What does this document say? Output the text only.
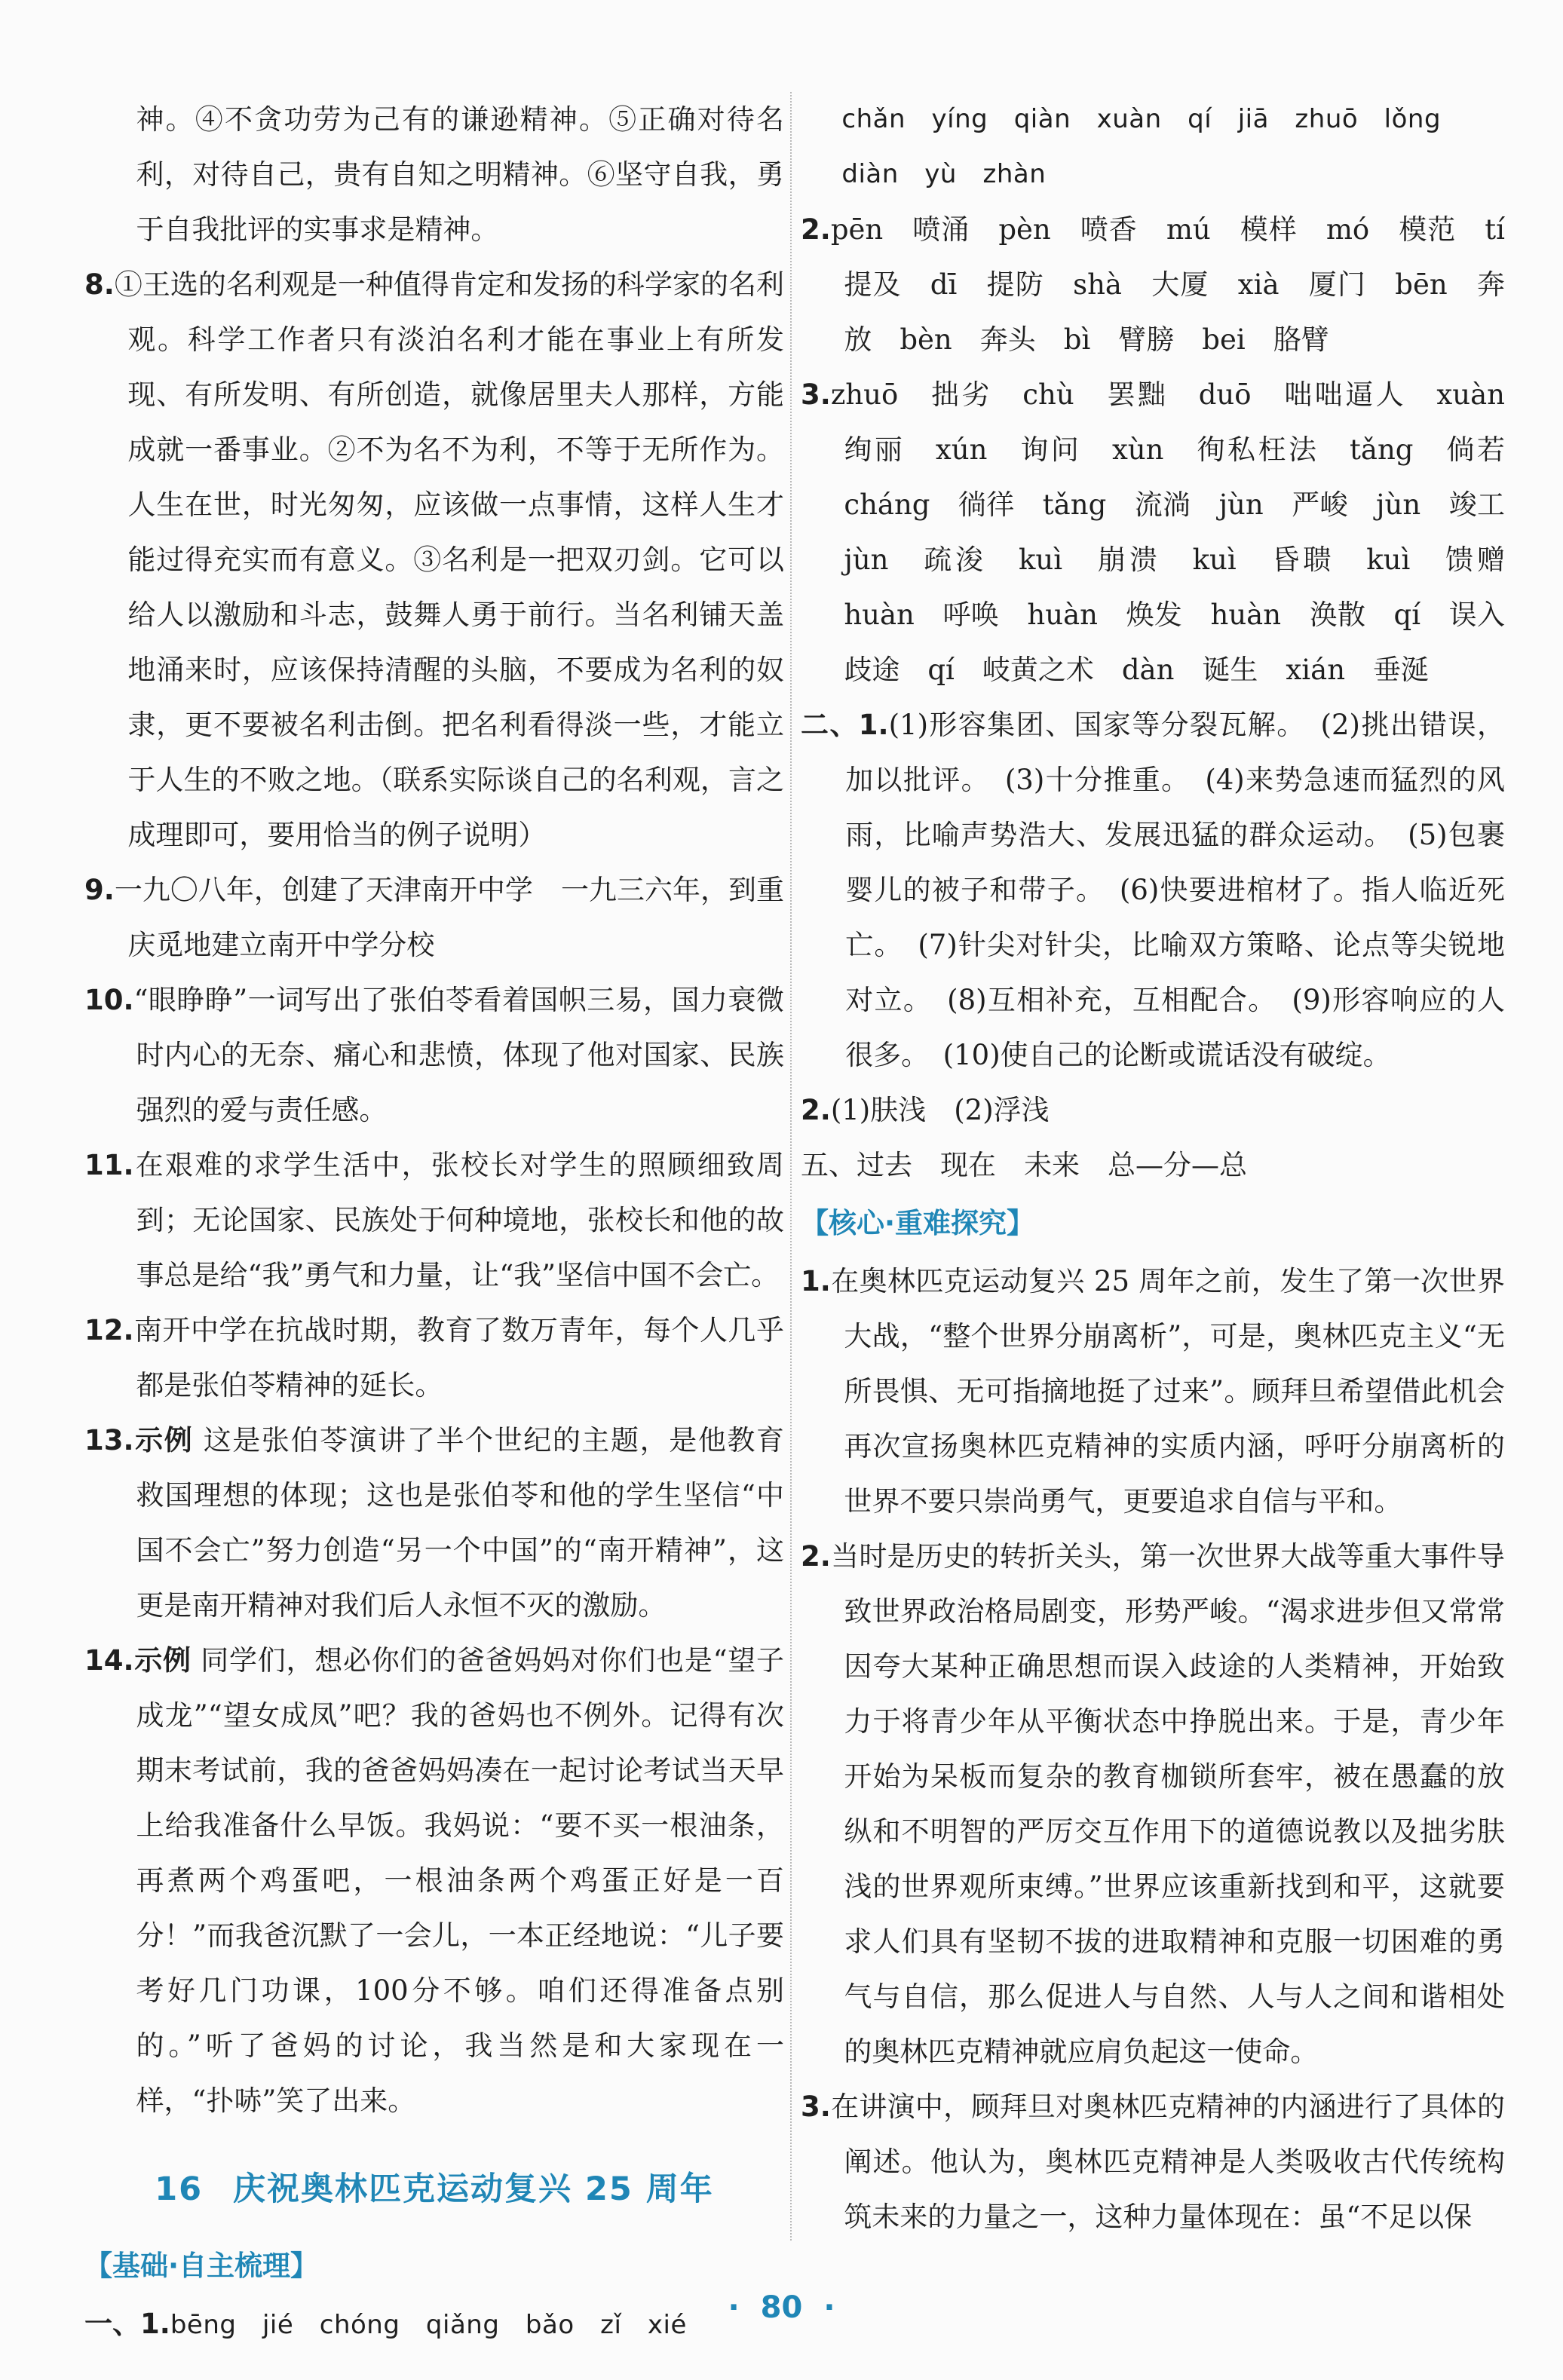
神。④不贪功劳为己有的谦逊精神。⑤正确对待名利，对待自己，贵有自知之明精神。⑥坚守自我，勇于自我批评的实事求是精神。

8.①王选的名利观是一种值得肯定和发扬的科学家的名利观。科学工作者只有淡泊名利才能在事业上有所发现、有所发明、有所创造，就像居里夫人那样，方能成就一番事业。②不为名不为利，不等于无所作为。人生在世，时光匆匆，应该做一点事情，这样人生才能过得充实而有意义。③名利是一把双刃剑。它可以给人以激励和斗志，鼓舞人勇于前行。当名利铺天盖地涌来时，应该保持清醒的头脑，不要成为名利的奴隶，更不要被名利击倒。把名利看得淡一些，才能立于人生的不败之地。（联系实际谈自己的名利观，言之成理即可，要用恰当的例子说明）

9.一九〇八年，创建了天津南开中学　一九三六年，到重庆觅地建立南开中学分校

10.“眼睁睁”一词写出了张伯苓看着国帜三易，国力衰微时内心的无奈、痛心和悲愤，体现了他对国家、民族强烈的爱与责任感。

11.在艰难的求学生活中，张校长对学生的照顾细致周到；无论国家、民族处于何种境地，张校长和他的故事总是给“我”勇气和力量，让“我”坚信中国不会亡。

12.南开中学在抗战时期，教育了数万青年，每个人几乎都是张伯苓精神的延长。

13.示例 这是张伯苓演讲了半个世纪的主题，是他教育救国理想的体现；这也是张伯苓和他的学生坚信“中国不会亡”努力创造“另一个中国”的“南开精神”，这更是南开精神对我们后人永恒不灭的激励。

14.示例 同学们，想必你们的爸爸妈妈对你们也是“望子成龙”“望女成凤”吧？我的爸妈也不例外。记得有次期末考试前，我的爸爸妈妈凑在一起讨论考试当天早上给我准备什么早饭。我妈说：“要不买一根油条，再煮两个鸡蛋吧，一根油条两个鸡蛋正好是一百分！”而我爸沉默了一会儿，一本正经地说：“儿子要考好几门功课，100分不够。咱们还得准备点别的。”听了爸妈的讨论，我当然是和大家现在一样，“扑哧”笑了出来。

16 庆祝奥林匹克运动复兴 25 周年
【基础·自主梳理】

一、1.bēng　jié　chóng　qiǎng　bǎo　zǐ　xié

chǎn　yíng　qiàn　xuàn　qí　jiā　zhuō　lǒng

diàn　yù　zhàn

2.pēn　喷涌　pèn　喷香　mú　模样　mó　模范　tí　提及　dī　提防　shà　大厦　xià　厦门　bēn　奔放　bèn　奔头　bì　臂膀　bei　胳臂

3.zhuō　拙劣　chù　罢黜　duō　咄咄逼人　xuàn　绚丽　xún　询问　xùn　徇私枉法　tǎng　倘若　cháng　徜徉　tǎng　流淌　jùn　严峻　jùn　竣工　jùn　疏浚　kuì　崩溃　kuì　昏聩　kuì　馈赠　huàn　呼唤　huàn　焕发　huàn　涣散　qí　误入歧途　qí　岐黄之术　dàn　诞生　xián　垂涎

二、1.(1)形容集团、国家等分裂瓦解。　(2)挑出错误，加以批评。　(3)十分推重。　(4)来势急速而猛烈的风雨，比喻声势浩大、发展迅猛的群众运动。　(5)包裹婴儿的被子和带子。　(6)快要进棺材了。指人临近死亡。　(7)针尖对针尖，比喻双方策略、论点等尖锐地对立。　(8)互相补充，互相配合。　(9)形容响应的人很多。　(10)使自己的论断或谎话没有破绽。

2.(1)肤浅　(2)浮浅

五、过去　现在　未来　总—分—总

【核心·重难探究】

1.在奥林匹克运动复兴 25 周年之前，发生了第一次世界大战，“整个世界分崩离析”，可是，奥林匹克主义“无所畏惧、无可指摘地挺了过来”。顾拜旦希望借此机会再次宣扬奥林匹克精神的实质内涵，呼吁分崩离析的世界不要只崇尚勇气，更要追求自信与平和。

2.当时是历史的转折关头，第一次世界大战等重大事件导致世界政治格局剧变，形势严峻。“渴求进步但又常常因夸大某种正确思想而误入歧途的人类精神，开始致力于将青少年从平衡状态中挣脱出来。于是，青少年开始为呆板而复杂的教育枷锁所套牢，被在愚蠢的放纵和不明智的严厉交互作用下的道德说教以及拙劣肤浅的世界观所束缚。”世界应该重新找到和平，这就要求人们具有坚韧不拔的进取精神和克服一切困难的勇气与自信，那么促进人与自然、人与人之间和谐相处的奥林匹克精神就应肩负起这一使命。

3.在讲演中，顾拜旦对奥林匹克精神的内涵进行了具体的阐述。他认为，奥林匹克精神是人类吸收古代传统构筑未来的力量之一，这种力量体现在：虽“不足以保

· 80 ·
